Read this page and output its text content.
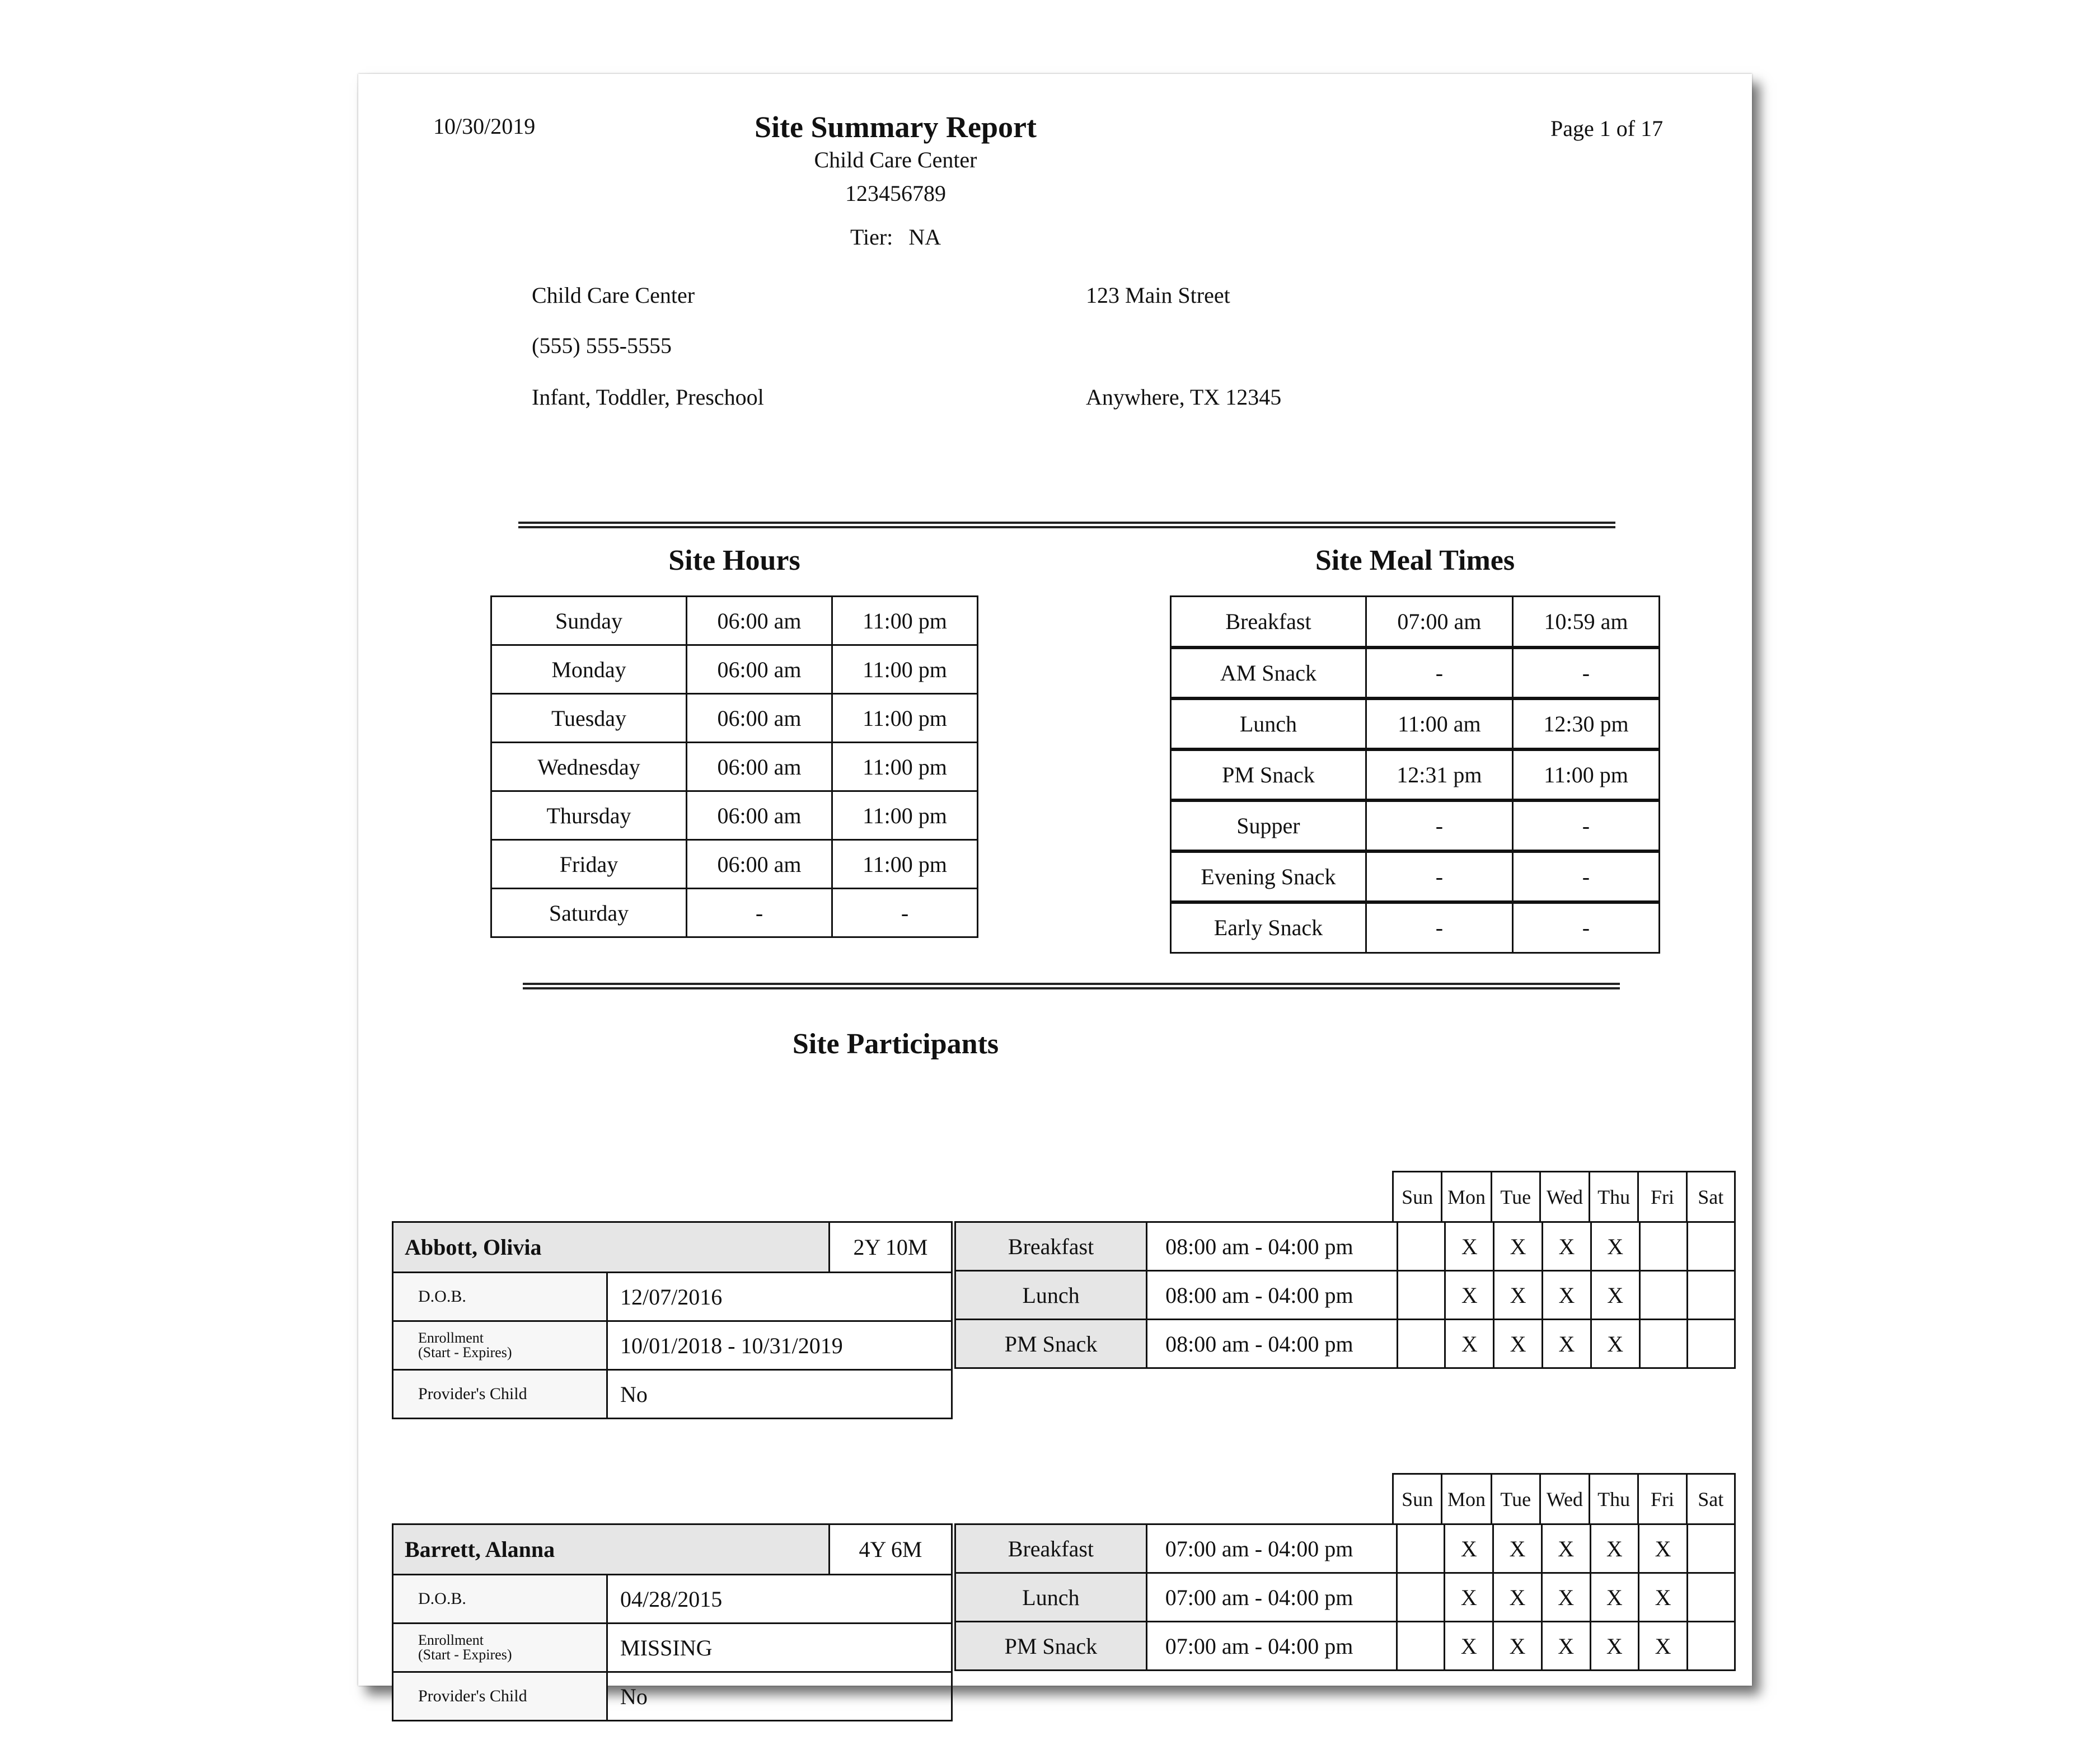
10/30/2019	Site Summary Report
Child Care Center
123456789
Tier: NA
Page 1 of 17
Child Care Center
(555) 555-5555
Infant, Toddler, Preschool
123 Main Street
Anywhere, TX 12345
Site Hours
Sunday	06:00 am	11:00 pm
Monday	06:00 am	11:00 pm
Tuesday	06:00 am	11:00 pm
Wednesday	06:00 am	11:00 pm
Thursday	06:00 am	11:00 pm
Friday	06:00 am	11:00 pm
Saturday	-	-
Site Meal Times
Breakfast	07:00 am	10:59 am
AM Snack	-	-
Lunch	11:00 am	12:30 pm
PM Snack	12:31 pm	11:00 pm
Supper	-	-
Evening Snack	-	-
Early Snack	-	-
Site Participants
Sun	Mon	Tue	Wed	Thu	Fri	Sat
Abbott, Olivia		2Y 10M
D.O.B.	12/07/2016	

Enrollment
(Start - Expires)	10/01/2018 - 10/31/2019	
Provider's Child	No	
Breakfast	08:00 am - 04:00 pm		X	X	X	X		
Lunch	08:00 am - 04:00 pm		X	X	X	X		
PM Snack	08:00 am - 04:00 pm		X	X	X	X		
Sun	Mon	Tue	Wed	Thu	Fri	Sat
Barrett, Alanna		4Y 6M
D.O.B.	04/28/2015	

Enrollment
(Start - Expires)	MISSING	
Provider's Child	No	
Breakfast	07:00 am - 04:00 pm		X	X	X	X	X	
Lunch	07:00 am - 04:00 pm		X	X	X	X	X	
PM Snack	07:00 am - 04:00 pm		X	X	X	X	X	
